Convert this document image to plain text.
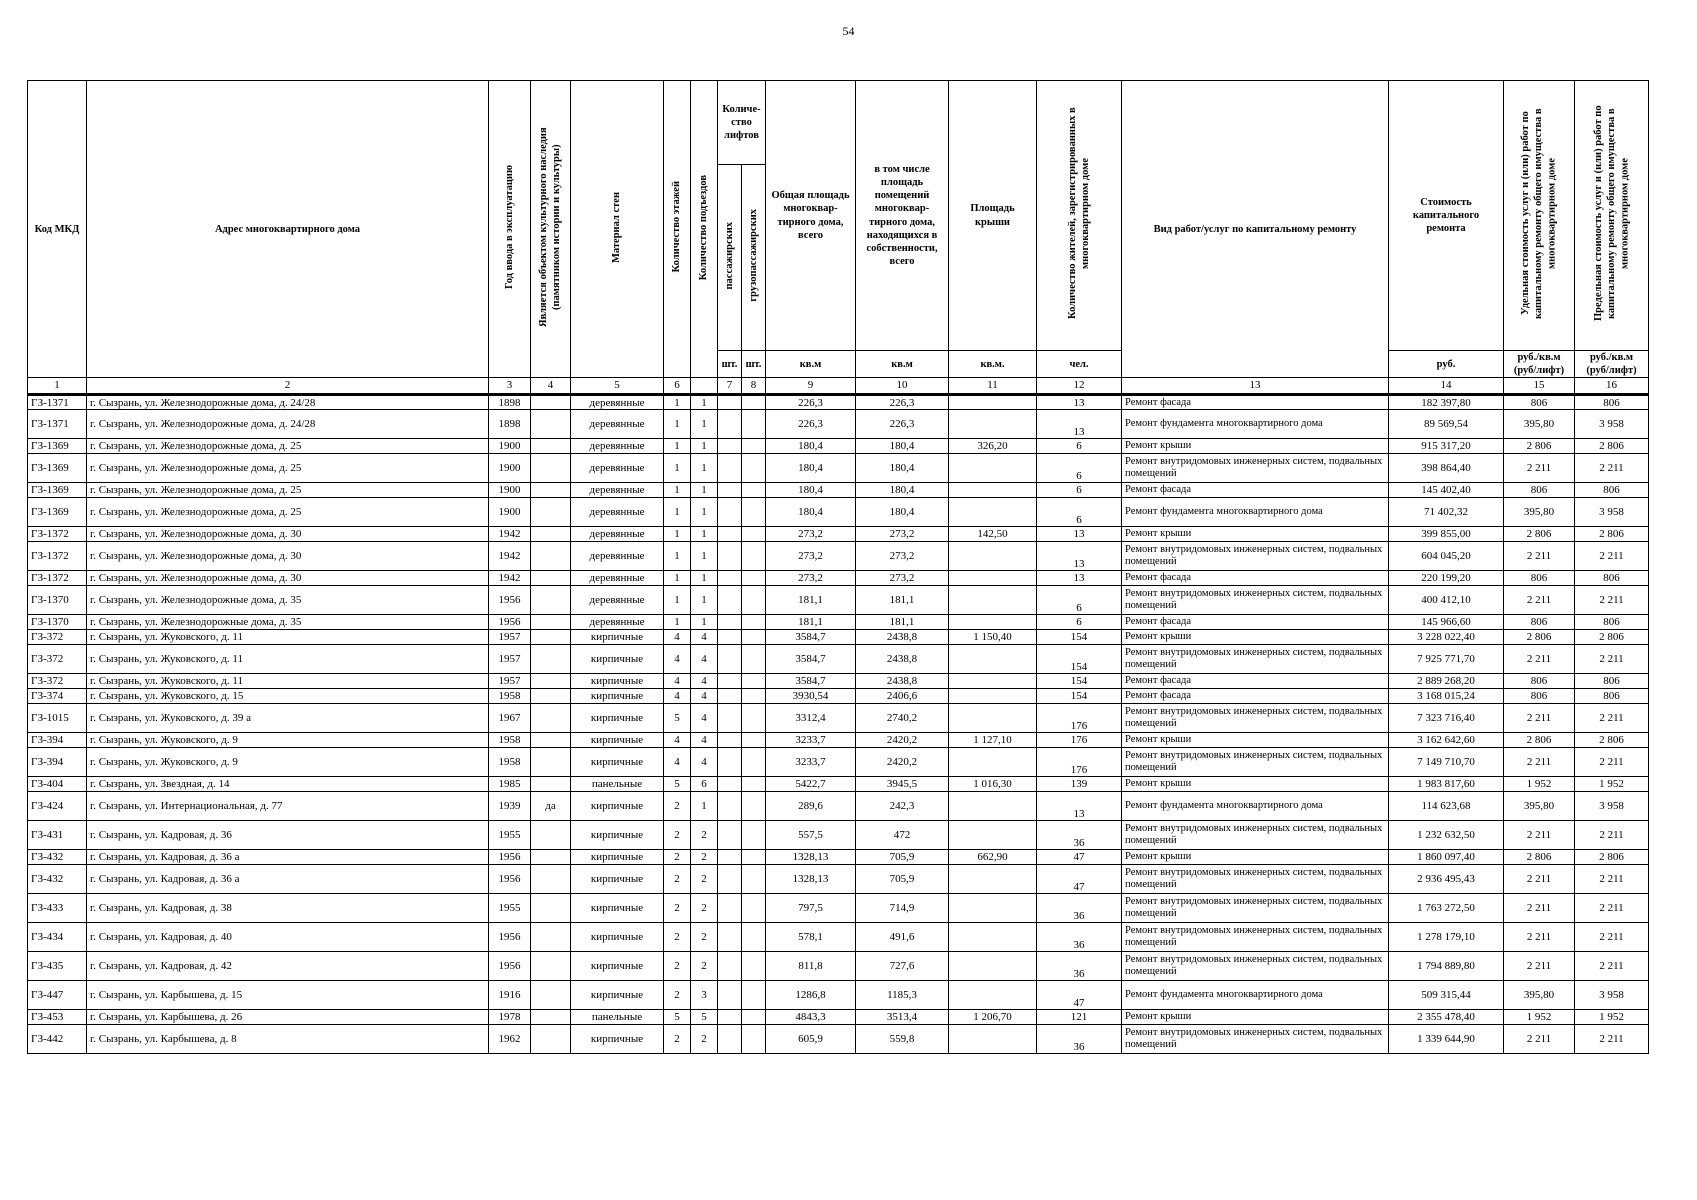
54
Код МКД	Адрес многоквартирного дома	Год ввода в эксплуатацию	Является объектом культурного наследия (памятником истории и культуры)	Материал стен	Количество этажей	Количество подъездов	Количе-ство лифтов		Общая площадь многоквар-тирного дома, всего	в том числе площадь помещений многоквар-тирного дома, находящихся в собственности, всего	Площадь крыши	Количество жителей, зарегистрированных в многоквартирном доме	Вид работ/услуг по капитальному ремонту	Стоимость капитального ремонта	Удельная стоимость услуг и (или) работ по капитальному ремонту общего имущества в многоквартирном доме	Предельная стоимость услуг и (или) работ по капитальному ремонту общего имущества в многоквартирном доме
							пассажирских	грузопассажирских								
							шт.	шт.	кв.м	кв.м	кв.м.	чел.		руб.	руб./кв.м (руб/лифт)	руб./кв.м (руб/лифт)
1	2	3	4	5	6		7	8	9	10	11	12	13	14	15	16
ГЗ-1371	г. Сызрань, ул. Железнодорожные дома, д. 24/28	1898		деревянные	1	1			226,3	226,3		13	Ремонт фасада	182 397,80	806	806
ГЗ-1371	г. Сызрань, ул. Железнодорожные дома, д. 24/28	1898		деревянные	1	1			226,3	226,3		13	Ремонт фундамента многоквартирного дома	89 569,54	395,80	3 958
ГЗ-1369	г. Сызрань, ул. Железнодорожные дома, д. 25	1900		деревянные	1	1			180,4	180,4	326,20	6	Ремонт крыши	915 317,20	2 806	2 806
ГЗ-1369	г. Сызрань, ул. Железнодорожные дома, д. 25	1900		деревянные	1	1			180,4	180,4		6	Ремонт внутридомовых инженерных систем, подвальных помещений	398 864,40	2 211	2 211
ГЗ-1369	г. Сызрань, ул. Железнодорожные дома, д. 25	1900		деревянные	1	1			180,4	180,4		6	Ремонт фасада	145 402,40	806	806
ГЗ-1369	г. Сызрань, ул. Железнодорожные дома, д. 25	1900		деревянные	1	1			180,4	180,4		6	Ремонт фундамента многоквартирного дома	71 402,32	395,80	3 958
ГЗ-1372	г. Сызрань, ул. Железнодорожные дома, д. 30	1942		деревянные	1	1			273,2	273,2	142,50	13	Ремонт крыши	399 855,00	2 806	2 806
ГЗ-1372	г. Сызрань, ул. Железнодорожные дома, д. 30	1942		деревянные	1	1			273,2	273,2		13	Ремонт внутридомовых инженерных систем, подвальных помещений	604 045,20	2 211	2 211
ГЗ-1372	г. Сызрань, ул. Железнодорожные дома, д. 30	1942		деревянные	1	1			273,2	273,2		13	Ремонт фасада	220 199,20	806	806
ГЗ-1370	г. Сызрань, ул. Железнодорожные дома, д. 35	1956		деревянные	1	1			181,1	181,1		6	Ремонт внутридомовых инженерных систем, подвальных помещений	400 412,10	2 211	2 211
ГЗ-1370	г. Сызрань, ул. Железнодорожные дома, д. 35	1956		деревянные	1	1			181,1	181,1		6	Ремонт фасада	145 966,60	806	806
ГЗ-372	г. Сызрань, ул. Жуковского, д. 11	1957		кирпичные	4	4			3584,7	2438,8	1 150,40	154	Ремонт крыши	3 228 022,40	2 806	2 806
ГЗ-372	г. Сызрань, ул. Жуковского, д. 11	1957		кирпичные	4	4			3584,7	2438,8		154	Ремонт внутридомовых инженерных систем, подвальных помещений	7 925 771,70	2 211	2 211
ГЗ-372	г. Сызрань, ул. Жуковского, д. 11	1957		кирпичные	4	4			3584,7	2438,8		154	Ремонт фасада	2 889 268,20	806	806
ГЗ-374	г. Сызрань, ул. Жуковского, д. 15	1958		кирпичные	4	4			3930,54	2406,6		154	Ремонт фасада	3 168 015,24	806	806
ГЗ-1015	г. Сызрань, ул. Жуковского, д. 39 а	1967		кирпичные	5	4			3312,4	2740,2		176	Ремонт внутридомовых инженерных систем, подвальных помещений	7 323 716,40	2 211	2 211
ГЗ-394	г. Сызрань, ул. Жуковского, д. 9	1958		кирпичные	4	4			3233,7	2420,2	1 127,10	176	Ремонт крыши	3 162 642,60	2 806	2 806
ГЗ-394	г. Сызрань, ул. Жуковского, д. 9	1958		кирпичные	4	4			3233,7	2420,2		176	Ремонт внутридомовых инженерных систем, подвальных помещений	7 149 710,70	2 211	2 211
ГЗ-404	г. Сызрань, ул. Звездная, д. 14	1985		панельные	5	6			5422,7	3945,5	1 016,30	139	Ремонт крыши	1 983 817,60	1 952	1 952
ГЗ-424	г. Сызрань, ул. Интернациональная, д. 77	1939	да	кирпичные	2	1			289,6	242,3		13	Ремонт фундамента многоквартирного дома	114 623,68	395,80	3 958
ГЗ-431	г. Сызрань, ул. Кадровая, д. 36	1955		кирпичные	2	2			557,5	472		36	Ремонт внутридомовых инженерных систем, подвальных помещений	1 232 632,50	2 211	2 211
ГЗ-432	г. Сызрань, ул. Кадровая, д. 36 а	1956		кирпичные	2	2			1328,13	705,9	662,90	47	Ремонт крыши	1 860 097,40	2 806	2 806
ГЗ-432	г. Сызрань, ул. Кадровая, д. 36 а	1956		кирпичные	2	2			1328,13	705,9		47	Ремонт внутридомовых инженерных систем, подвальных помещений	2 936 495,43	2 211	2 211
ГЗ-433	г. Сызрань, ул. Кадровая, д. 38	1955		кирпичные	2	2			797,5	714,9		36	Ремонт внутридомовых инженерных систем, подвальных помещений	1 763 272,50	2 211	2 211
ГЗ-434	г. Сызрань, ул. Кадровая, д. 40	1956		кирпичные	2	2			578,1	491,6		36	Ремонт внутридомовых инженерных систем, подвальных помещений	1 278 179,10	2 211	2 211
ГЗ-435	г. Сызрань, ул. Кадровая, д. 42	1956		кирпичные	2	2			811,8	727,6		36	Ремонт внутридомовых инженерных систем, подвальных помещений	1 794 889,80	2 211	2 211
ГЗ-447	г. Сызрань, ул. Карбышева, д. 15	1916		кирпичные	2	3			1286,8	1185,3		47	Ремонт фундамента многоквартирного дома	509 315,44	395,80	3 958
ГЗ-453	г. Сызрань, ул. Карбышева, д. 26	1978		панельные	5	5			4843,3	3513,4	1 206,70	121	Ремонт крыши	2 355 478,40	1 952	1 952
ГЗ-442	г. Сызрань, ул. Карбышева, д. 8	1962		кирпичные	2	2			605,9	559,8		36	Ремонт внутридомовых инженерных систем, подвальных помещений	1 339 644,90	2 211	2 211
